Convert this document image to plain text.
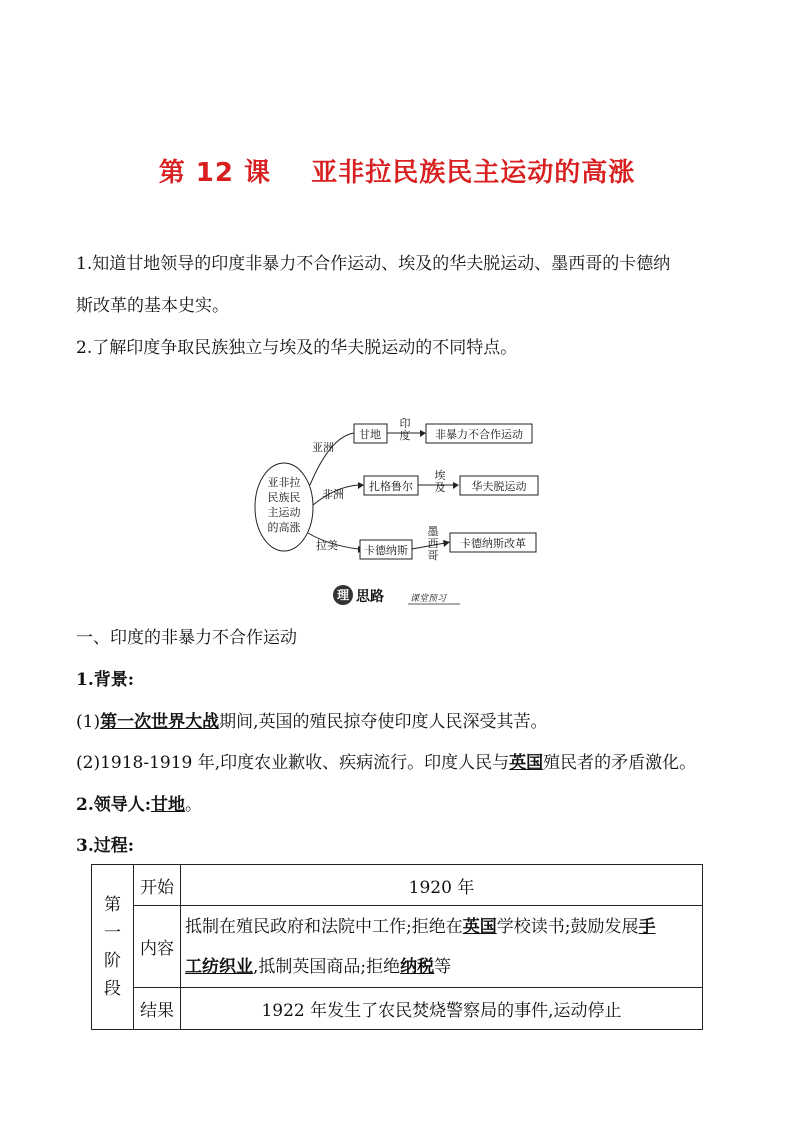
第 12 课    亚非拉民族民主运动的高涨
1.知道甘地领导的印度非暴力不合作运动、埃及的华夫脱运动、墨西哥的卡德纳
斯改革的基本史实。
2.了解印度争取民族独立与埃及的华夫脱运动的不同特点。
亚非拉
民族民
主运动
的高涨
亚洲
非洲
拉美
甘地
扎格鲁尔
卡德纳斯
印度
埃及
墨西哥
非暴力不合作运动
华夫脱运动
卡德纳斯改革
理 思路	课堂预习
一、印度的非暴力不合作运动
1.背景:
(1)第一次世界大战期间,英国的殖民掠夺使印度人民深受其苦。
(2)1918-1919 年,印度农业歉收、疾病流行。印度人民与英国殖民者的矛盾激化。
2.领导人:甘地。
3.过程:
第一
阶段	开始	1920 年
	内容	抵制在殖民政府和法院中工作;拒绝在英国学校读书;鼓励发展手
工纺织业,抵制英国商品;拒绝纳税等
	结果	1922 年发生了农民焚烧警察局的事件,运动停止
